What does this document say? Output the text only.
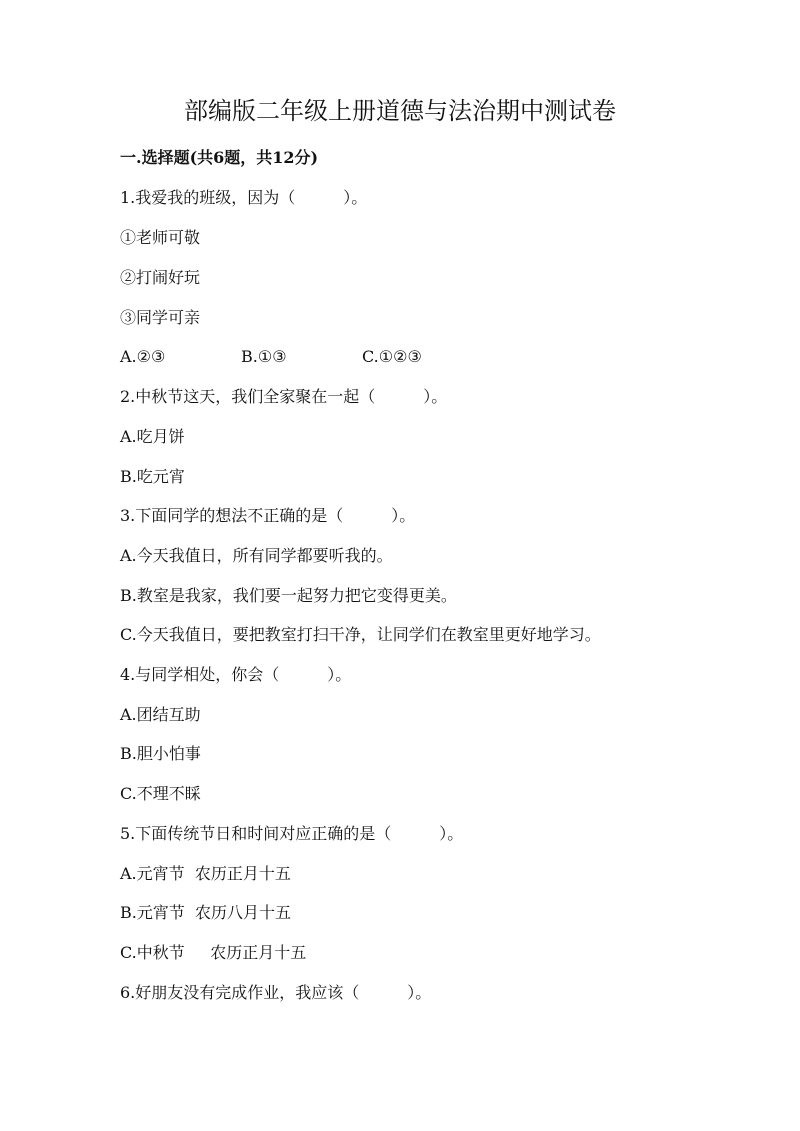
部编版二年级上册道德与法治期中测试卷
一.选择题(共6题，共12分)
1.我爱我的班级，因为（　　　）。
①老师可敬
②打闹好玩
③同学可亲
A.②③	B.①③	C.①②③
2.中秋节这天，我们全家聚在一起（　　　）。
A.吃月饼
B.吃元宵
3.下面同学的想法不正确的是（　　　）。
A.今天我值日，所有同学都要听我的。
B.教室是我家，我们要一起努力把它变得更美。
C.今天我值日，要把教室打扫干净，让同学们在教室里更好地学习。
4.与同学相处，你会（　　　）。
A.团结互助
B.胆小怕事
C.不理不睬
5.下面传统节日和时间对应正确的是（　　　）。
A.元宵节  农历正月十五
B.元宵节  农历八月十五
C.中秋节     农历正月十五
6.好朋友没有完成作业，我应该（　　　）。
